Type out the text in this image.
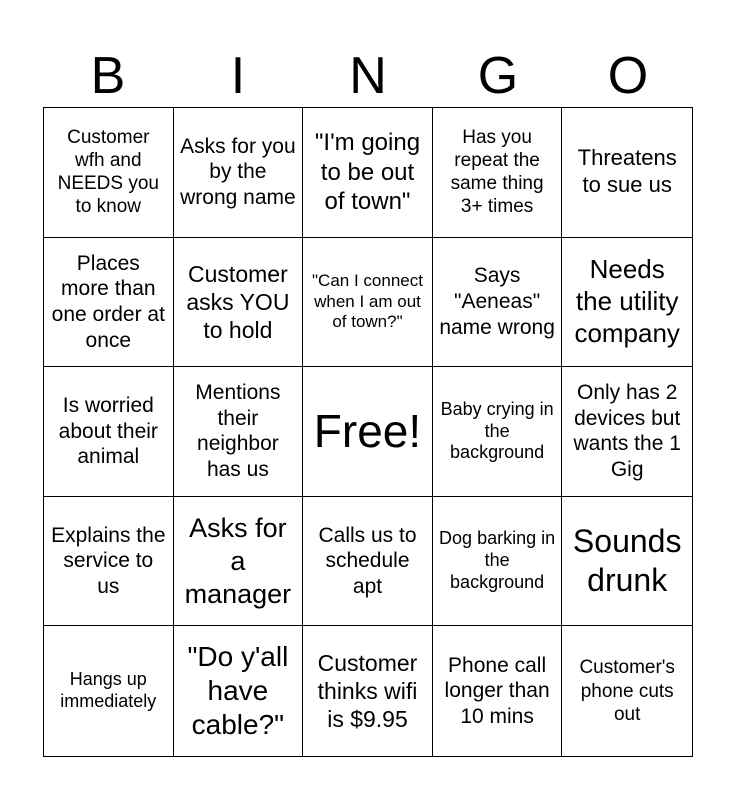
B	I	N	G	O
Customer wfh and NEEDS you to know
Asks for you by the wrong name
"I'm going to be out of town"
Has you repeat the same thing 3+ times
Threatens to sue us
Places more than one order at once
Customer asks YOU to hold
"Can I connect when I am out of town?"
Says "Aeneas" name wrong
Needs the utility company
Is worried about their animal
Mentions their neighbor has us
Free! Baby crying in the background
Only has 2 devices but wants the 1 Gig
Explains the service to us
Asks for a manager
Calls us to schedule apt
Dog barking in the background
Sounds drunk
Hangs up immediately
"Do y'all have cable?"
Customer thinks wifi is $9.95
Phone call longer than 10 mins
Customer's phone cuts out
